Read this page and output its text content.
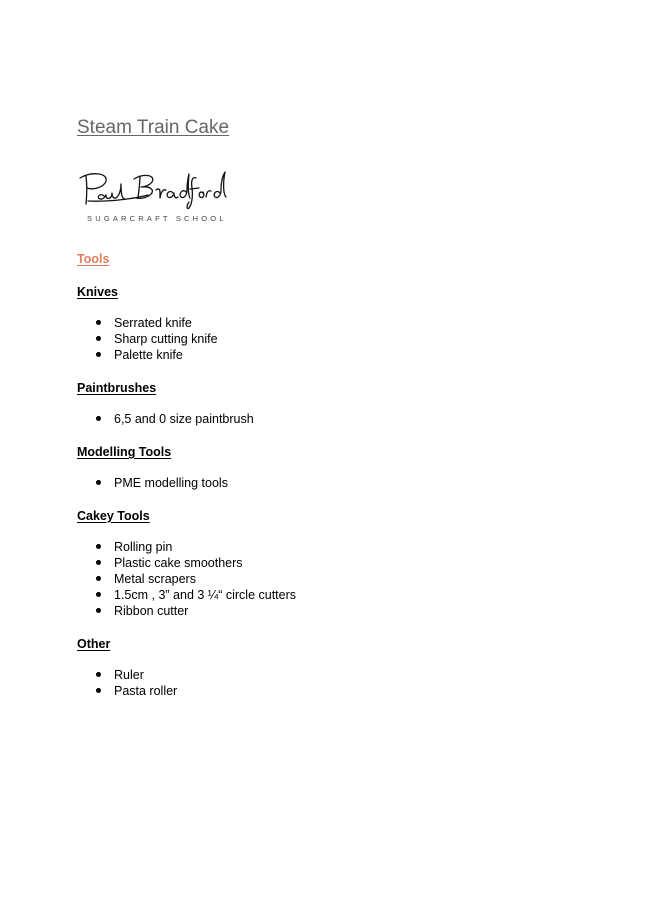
Steam Train Cake
SUGARCRAFT SCHOOL
Tools
Knives
Serrated knife
Sharp cutting knife
Palette knife
Paintbrushes
6,5 and 0 size paintbrush
Modelling Tools
PME modelling tools
Cakey Tools
Rolling pin
Plastic cake smoothers
Metal scrapers
1.5cm , 3” and 3 ¼“ circle cutters
Ribbon cutter
Other
Ruler
Pasta roller
